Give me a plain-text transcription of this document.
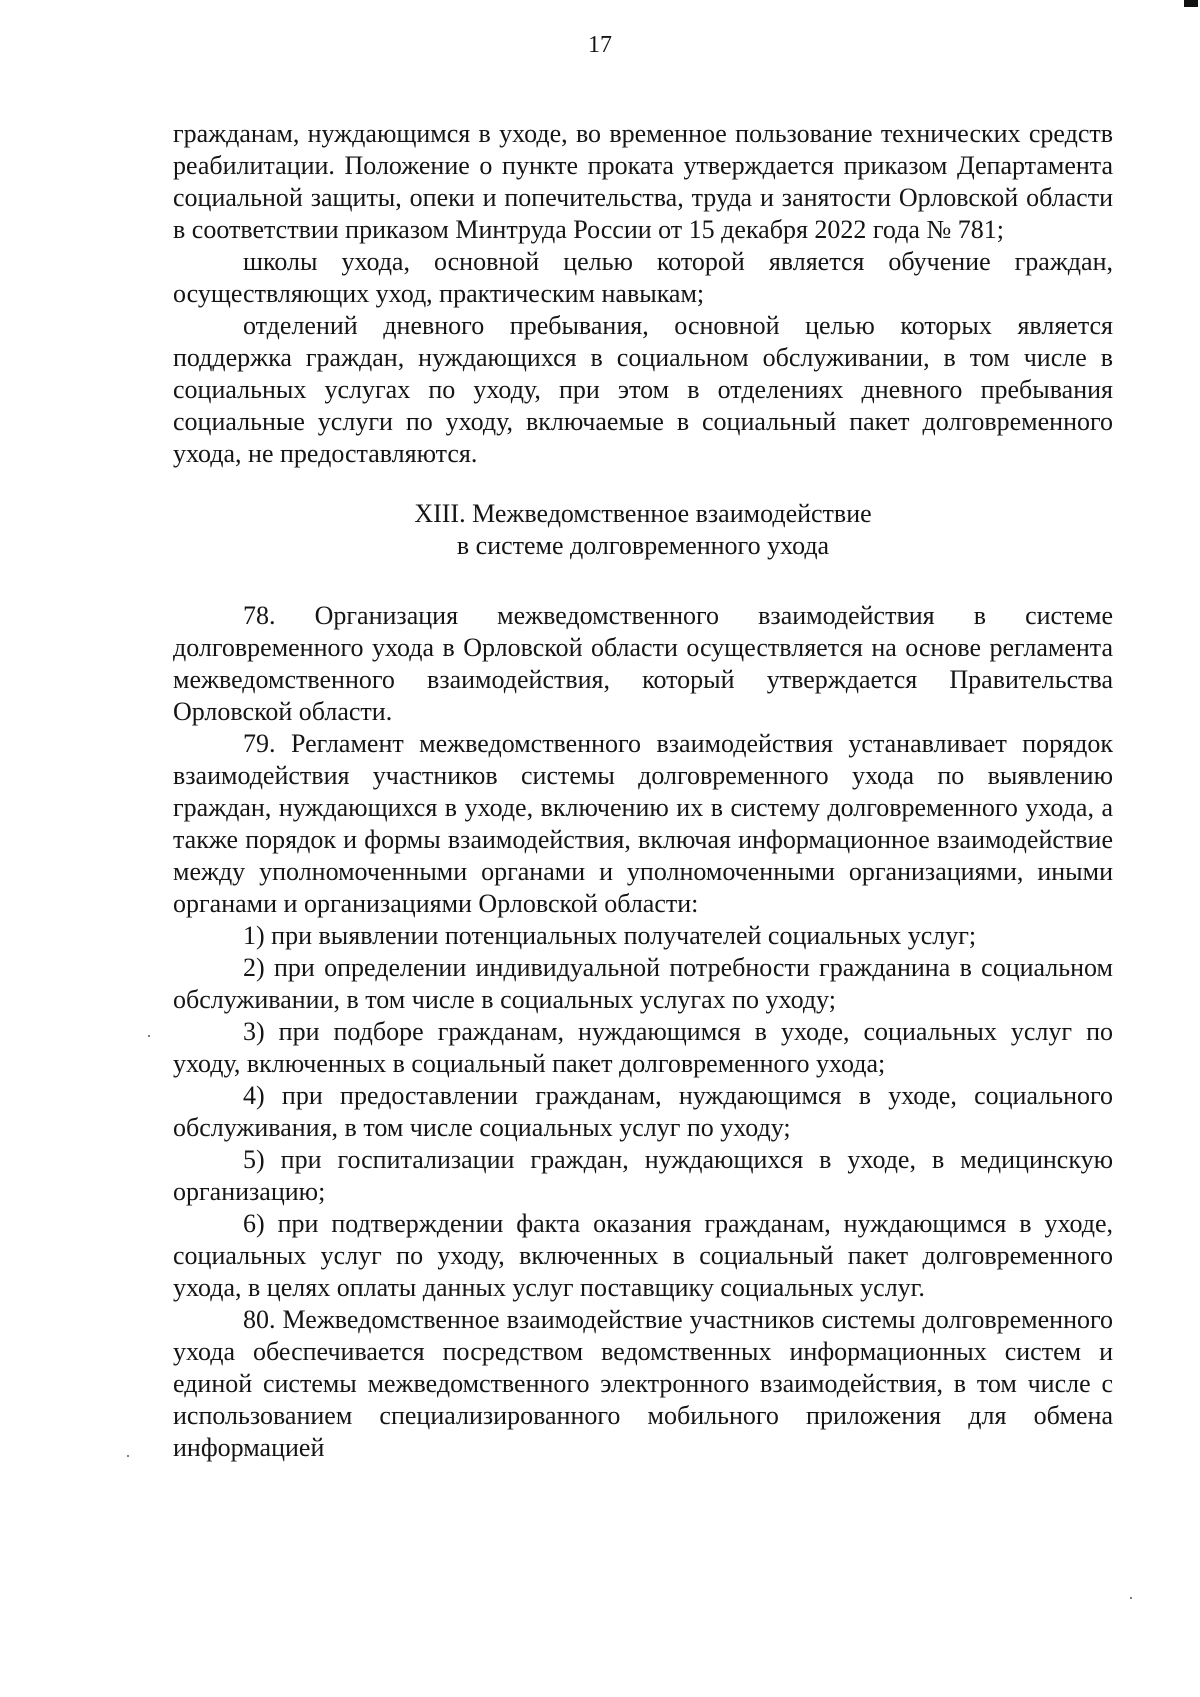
17

гражданам, нуждающимся в уходе, во временное пользование технических средств реабилитации. Положение о пункте проката утверждается приказом Департамента социальной защиты, опеки и попечительства, труда и занятости Орловской области в соответствии приказом Минтруда России от 15 декабря 2022 года № 781;

школы ухода, основной целью которой является обучение граждан, осуществляющих уход, практическим навыкам;

отделений дневного пребывания, основной целью которых является поддержка граждан, нуждающихся в социальном обслуживании, в том числе в социальных услугах по уходу, при этом в отделениях дневного пребывания социальные услуги по уходу, включаемые в социальный пакет долговременного ухода, не предоставляются.

XIII. Межведомственное взаимодействие
в системе долговременного ухода

78. Организация межведомственного взаимодействия в системе долговременного ухода в Орловской области осуществляется на основе регламента межведомственного взаимодействия, который утверждается Правительства Орловской области.

79. Регламент межведомственного взаимодействия устанавливает порядок взаимодействия участников системы долговременного ухода по выявлению граждан, нуждающихся в уходе, включению их в систему долговременного ухода, а также порядок и формы взаимодействия, включая информационное взаимодействие между уполномоченными органами и уполномоченными организациями, иными органами и организациями Орловской области:

1) при выявлении потенциальных получателей социальных услуг;

2) при определении индивидуальной потребности гражданина в социальном обслуживании, в том числе в социальных услугах по уходу;

3) при подборе гражданам, нуждающимся в уходе, социальных услуг по уходу, включенных в социальный пакет долговременного ухода;

4) при предоставлении гражданам, нуждающимся в уходе, социального обслуживания, в том числе социальных услуг по уходу;

5) при госпитализации граждан, нуждающихся в уходе, в медицинскую организацию;

6) при подтверждении факта оказания гражданам, нуждающимся в уходе, социальных услуг по уходу, включенных в социальный пакет долговременного ухода, в целях оплаты данных услуг поставщику социальных услуг.

80. Межведомственное взаимодействие участников системы долговременного ухода обеспечивается посредством ведомственных информационных систем и единой системы межведомственного электронного взаимодействия, в том числе с использованием специализированного мобильного приложения для обмена информацией
